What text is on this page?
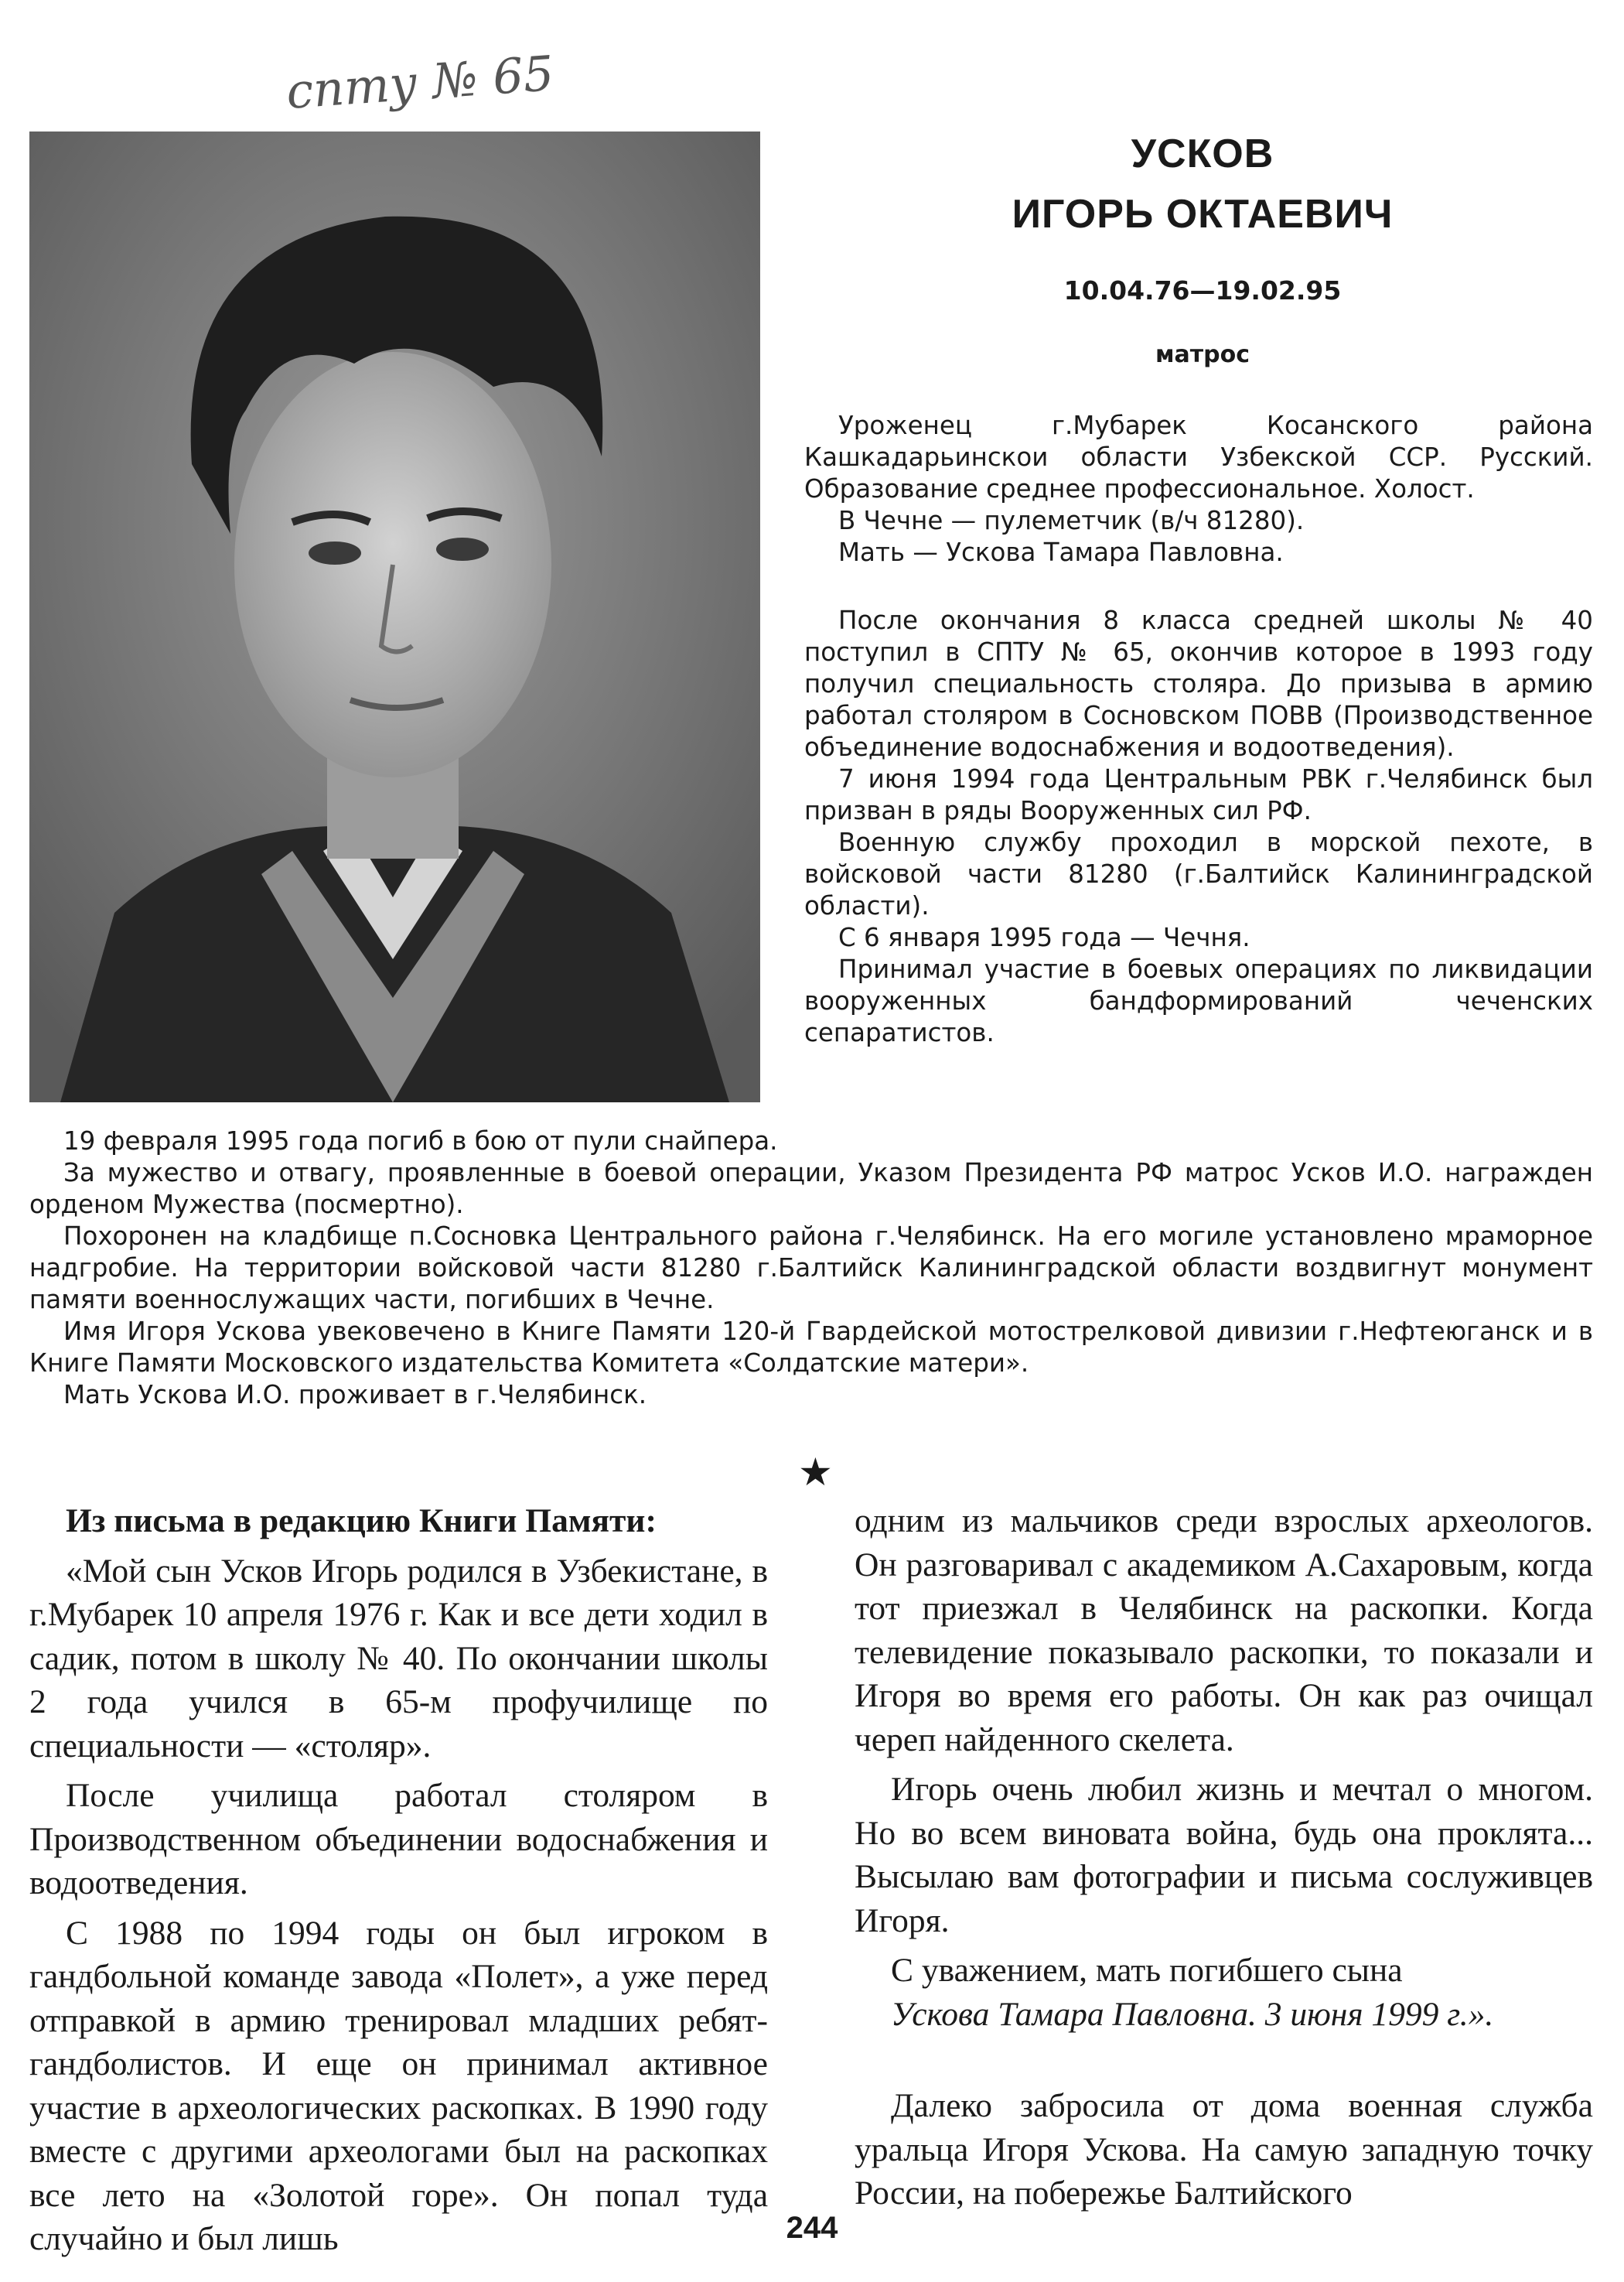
спту № 65
УСКОВ
ИГОРЬ ОКТАЕВИЧ
10.04.76—19.02.95
матрос

Уроженец г.Мубарек Косанского района Кашкадарьинскои области Узбекской ССР. Русский. Образование среднее профессиональное. Холост.

В Чечне — пулеметчик (в/ч 81280).

Мать — Ускова Тамара Павловна.

После окончания 8 класса средней школы № 40 поступил в СПТУ № 65, окончив которое в 1993 году получил специальность столяра. До призыва в армию работал столяром в Сосновском ПОВВ (Производственное объединение водоснабжения и водоотведения).

7 июня 1994 года Центральным РВК г.Челябинск был призван в ряды Вооруженных сил РФ.

Военную службу проходил в морской пехоте, в войсковой части 81280 (г.Балтийск Калининградской области).

С 6 января 1995 года — Чечня.

Принимал участие в боевых операциях по ликвидации вооруженных бандформирований чеченских сепаратистов.

19 февраля 1995 года погиб в бою от пули снайпера.

За мужество и отвагу, проявленные в боевой операции, Указом Президента РФ матрос Усков И.О. награжден орденом Мужества (посмертно).

Похоронен на кладбище п.Сосновка Центрального района г.Челябинск. На его могиле установлено мраморное надгробие. На территории войсковой части 81280 г.Балтийск Калининградской области воздвигнут монумент памяти военнослужащих части, погибших в Чечне.

Имя Игоря Ускова увековечено в Книге Памяти 120-й Гвардейской мотострелковой дивизии г.Нефтеюганск и в Книге Памяти Московского издательства Комитета «Солдатские матери».

Мать Ускова И.О. проживает в г.Челябинск.

★

Из письма в редакцию Книги Памяти:

«Мой сын Усков Игорь родился в Узбекистане, в г.Мубарек 10 апреля 1976 г. Как и все дети ходил в садик, потом в школу № 40. По окончании школы 2 года учился в 65-м профучилище по специальности — «столяр».

После училища работал столяром в Производственном объединении водоснабжения и водоотведения.

С 1988 по 1994 годы он был игроком в гандбольной команде завода «Полет», а уже перед отправкой в армию тренировал младших ребят-гандболистов. И еще он принимал активное участие в археологических раскопках. В 1990 году вместе с другими археологами был на раскопках все лето на «Золотой горе». Он попал туда случайно и был лишь

одним из мальчиков среди взрослых археологов. Он разговаривал с академиком А.Сахаровым, когда тот приезжал в Челябинск на раскопки. Когда телевидение показывало раскопки, то показали и Игоря во время его работы. Он как раз очищал череп найденного скелета.

Игорь очень любил жизнь и мечтал о многом. Но во всем виновата война, будь она проклята... Высылаю вам фотографии и письма сослуживцев Игоря.

С уважением, мать погибшего сына

Ускова Тамара Павловна. 3 июня 1999 г.».

Далеко забросила от дома военная служба уральца Игоря Ускова. На самую западную точку России, на побережье Балтийского

244
